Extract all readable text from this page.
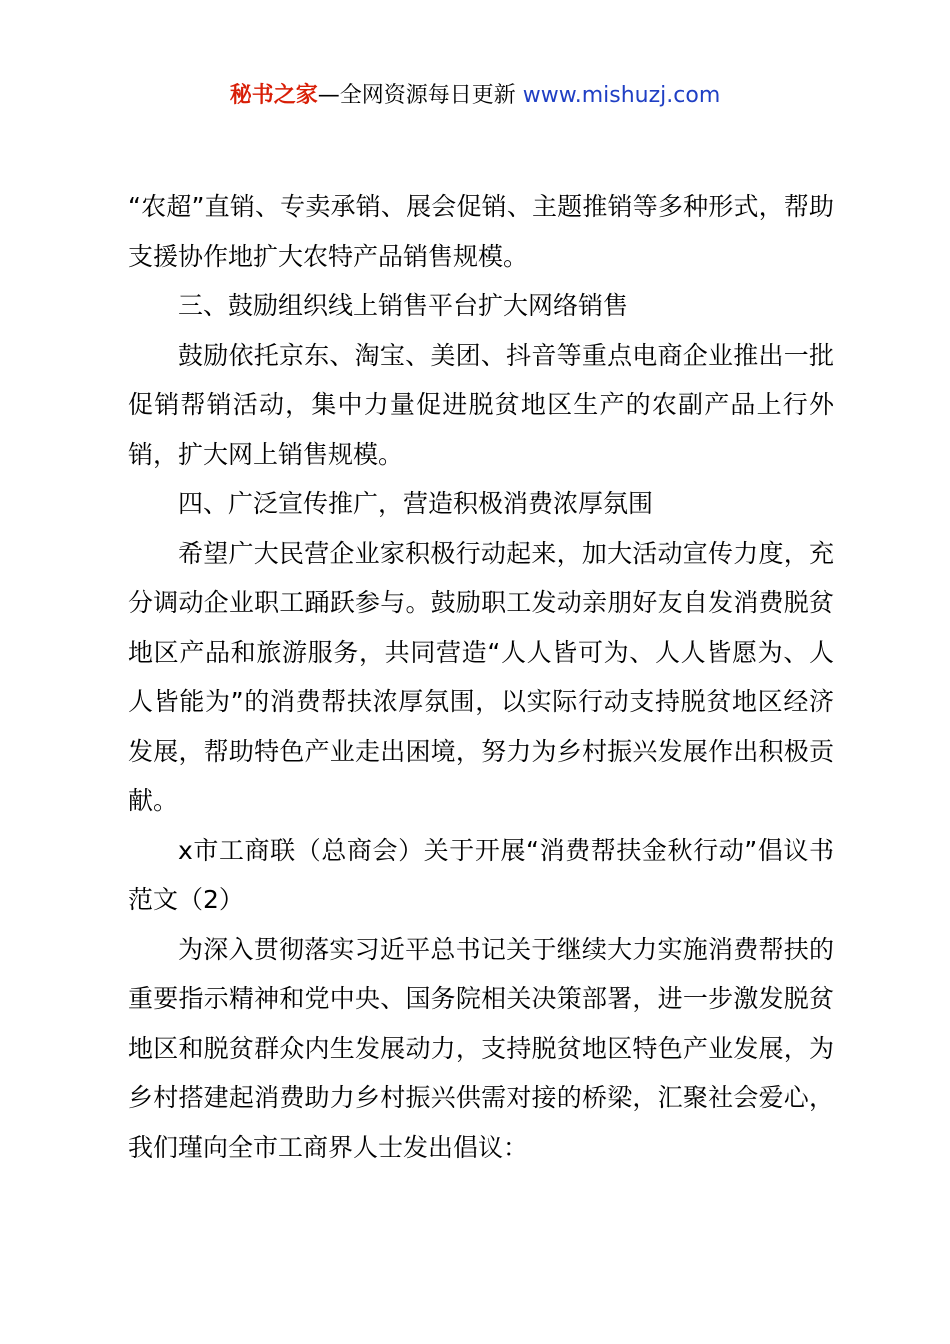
秘书之家—全网资源每日更新 www.mishuzj.com

“农超”直销、专卖承销、展会促销、主题推销等多种形式，帮助支援协作地扩大农特产品销售规模。

三、鼓励组织线上销售平台扩大网络销售

鼓励依托京东、淘宝、美团、抖音等重点电商企业推出一批促销帮销活动，集中力量促进脱贫地区生产的农副产品上行外销，扩大网上销售规模。

四、广泛宣传推广，营造积极消费浓厚氛围

希望广大民营企业家积极行动起来，加大活动宣传力度，充分调动企业职工踊跃参与。鼓励职工发动亲朋好友自发消费脱贫地区产品和旅游服务，共同营造“人人皆可为、人人皆愿为、人人皆能为”的消费帮扶浓厚氛围，以实际行动支持脱贫地区经济发展，帮助特色产业走出困境，努力为乡村振兴发展作出积极贡献。

x市工商联（总商会）关于开展“消费帮扶金秋行动”倡议书范文（2）

为深入贯彻落实习近平总书记关于继续大力实施消费帮扶的重要指示精神和党中央、国务院相关决策部署，进一步激发脱贫地区和脱贫群众内生发展动力，支持脱贫地区特色产业发展，为乡村搭建起消费助力乡村振兴供需对接的桥梁，汇聚社会爱心，我们瑾向全市工商界人士发出倡议：
